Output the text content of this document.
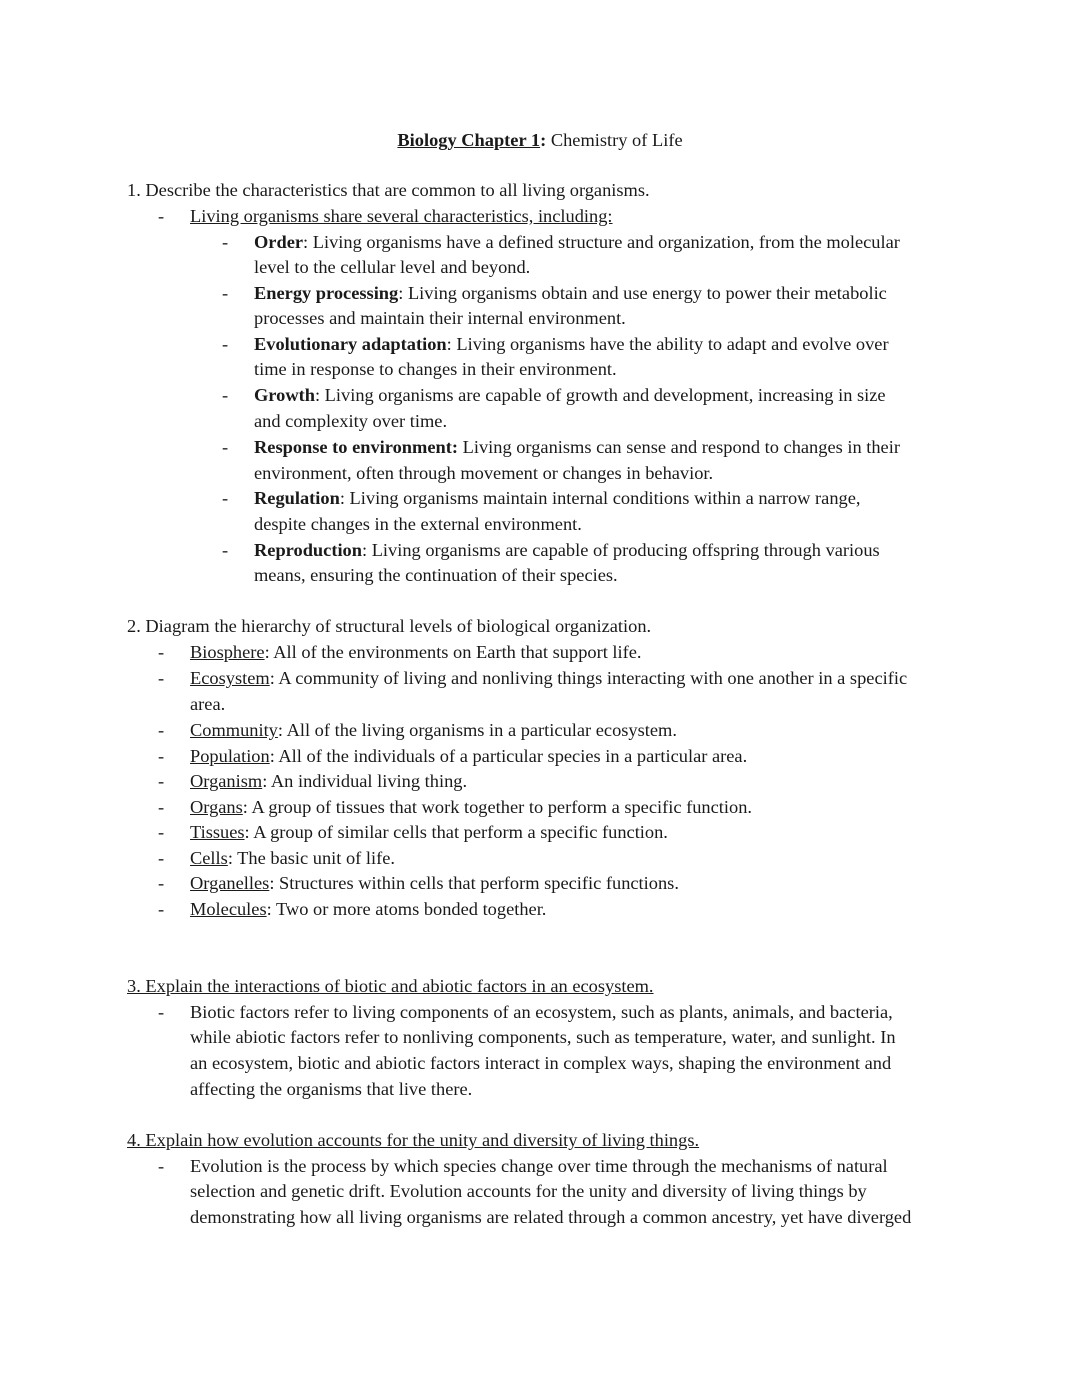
Biology Chapter 1: Chemistry of Life
1. Describe the characteristics that are common to all living organisms.
- Living organisms share several characteristics, including:
- Order: Living organisms have a defined structure and organization, from the molecular
level to the cellular level and beyond.
- Energy processing: Living organisms obtain and use energy to power their metabolic
processes and maintain their internal environment.
- Evolutionary adaptation: Living organisms have the ability to adapt and evolve over
time in response to changes in their environment.
- Growth: Living organisms are capable of growth and development, increasing in size
and complexity over time.
- Response to environment: Living organisms can sense and respond to changes in their
environment, often through movement or changes in behavior.
- Regulation: Living organisms maintain internal conditions within a narrow range,
despite changes in the external environment.
- Reproduction: Living organisms are capable of producing offspring through various
means, ensuring the continuation of their species.
2. Diagram the hierarchy of structural levels of biological organization.
- Biosphere: All of the environments on Earth that support life.
- Ecosystem: A community of living and nonliving things interacting with one another in a specific
area.
- Community: All of the living organisms in a particular ecosystem.
- Population: All of the individuals of a particular species in a particular area.
- Organism: An individual living thing.
- Organs: A group of tissues that work together to perform a specific function.
- Tissues: A group of similar cells that perform a specific function.
- Cells: The basic unit of life.
- Organelles: Structures within cells that perform specific functions.
- Molecules: Two or more atoms bonded together.
3. Explain the interactions of biotic and abiotic factors in an ecosystem.
- Biotic factors refer to living components of an ecosystem, such as plants, animals, and bacteria,
while abiotic factors refer to nonliving components, such as temperature, water, and sunlight. In
an ecosystem, biotic and abiotic factors interact in complex ways, shaping the environment and
affecting the organisms that live there.
4. Explain how evolution accounts for the unity and diversity of living things.
- Evolution is the process by which species change over time through the mechanisms of natural
selection and genetic drift. Evolution accounts for the unity and diversity of living things by
demonstrating how all living organisms are related through a common ancestry, yet have diverged
